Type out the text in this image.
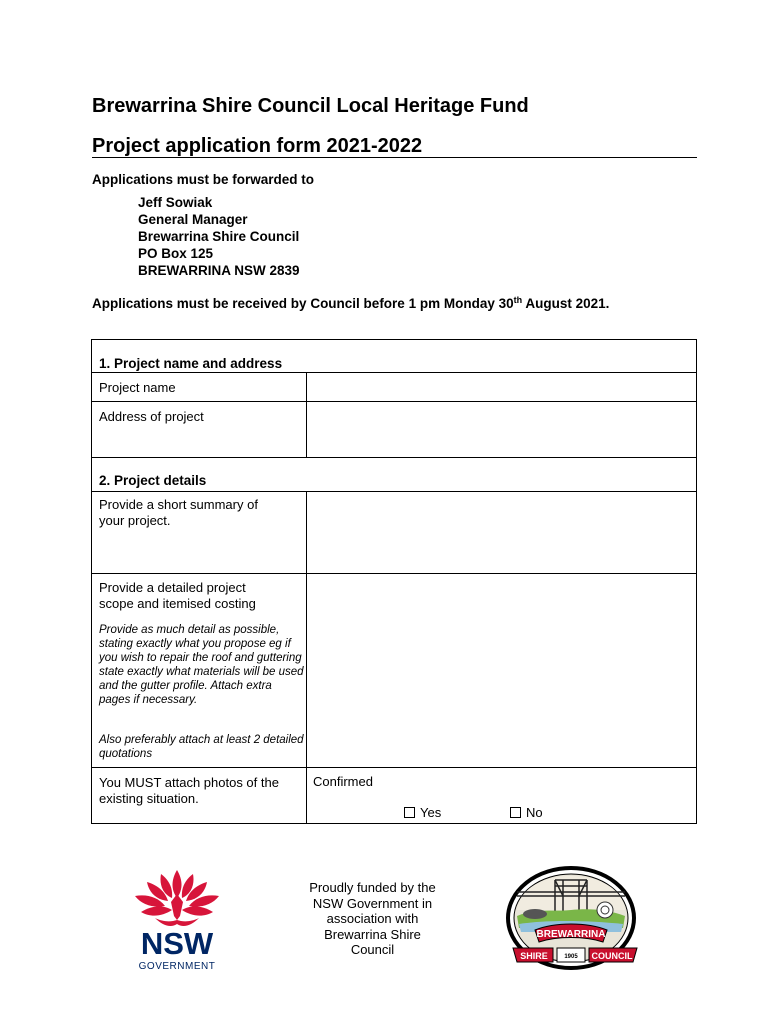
Brewarrina Shire Council Local Heritage Fund
Project application form 2021-2022
Applications must be forwarded to
Jeff Sowiak
General Manager
Brewarrina Shire Council
PO Box 125
BREWARRINA NSW 2839
Applications must be received by Council before 1 pm Monday 30th August 2021.
1. Project name and address
Project name
Address of project
2. Project details
Provide a short summary of
your project.
Provide a detailed project
scope and itemised costing
Provide as much detail as possible, stating exactly what you propose eg if you wish to repair the roof and guttering state exactly what materials will be used and the gutter profile. Attach extra pages if necessary.
Also preferably attach at least 2 detailed quotations
You MUST attach photos of the
existing situation.
Confirmed
Yes	No
NSW
GOVERNMENT
Proudly funded by the
NSW Government in
association with
Brewarrina Shire
Council
BREWARRINA
SHIRE	1905 COUNCIL
